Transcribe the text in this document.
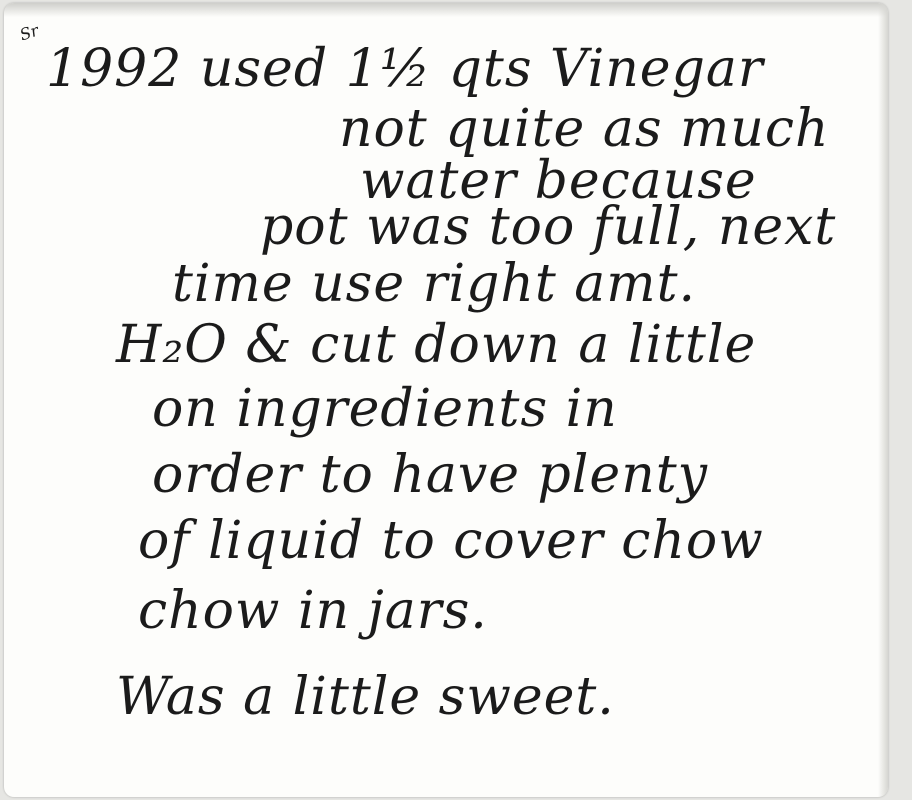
Sr
1992 used 1½ qts Vinegar
not quite as much
water because
pot was too full, next
time use right amt.
H₂O & cut down a little
on ingredients in
order to have plenty
of liquid to cover chow
chow in jars.
Was a little sweet.
